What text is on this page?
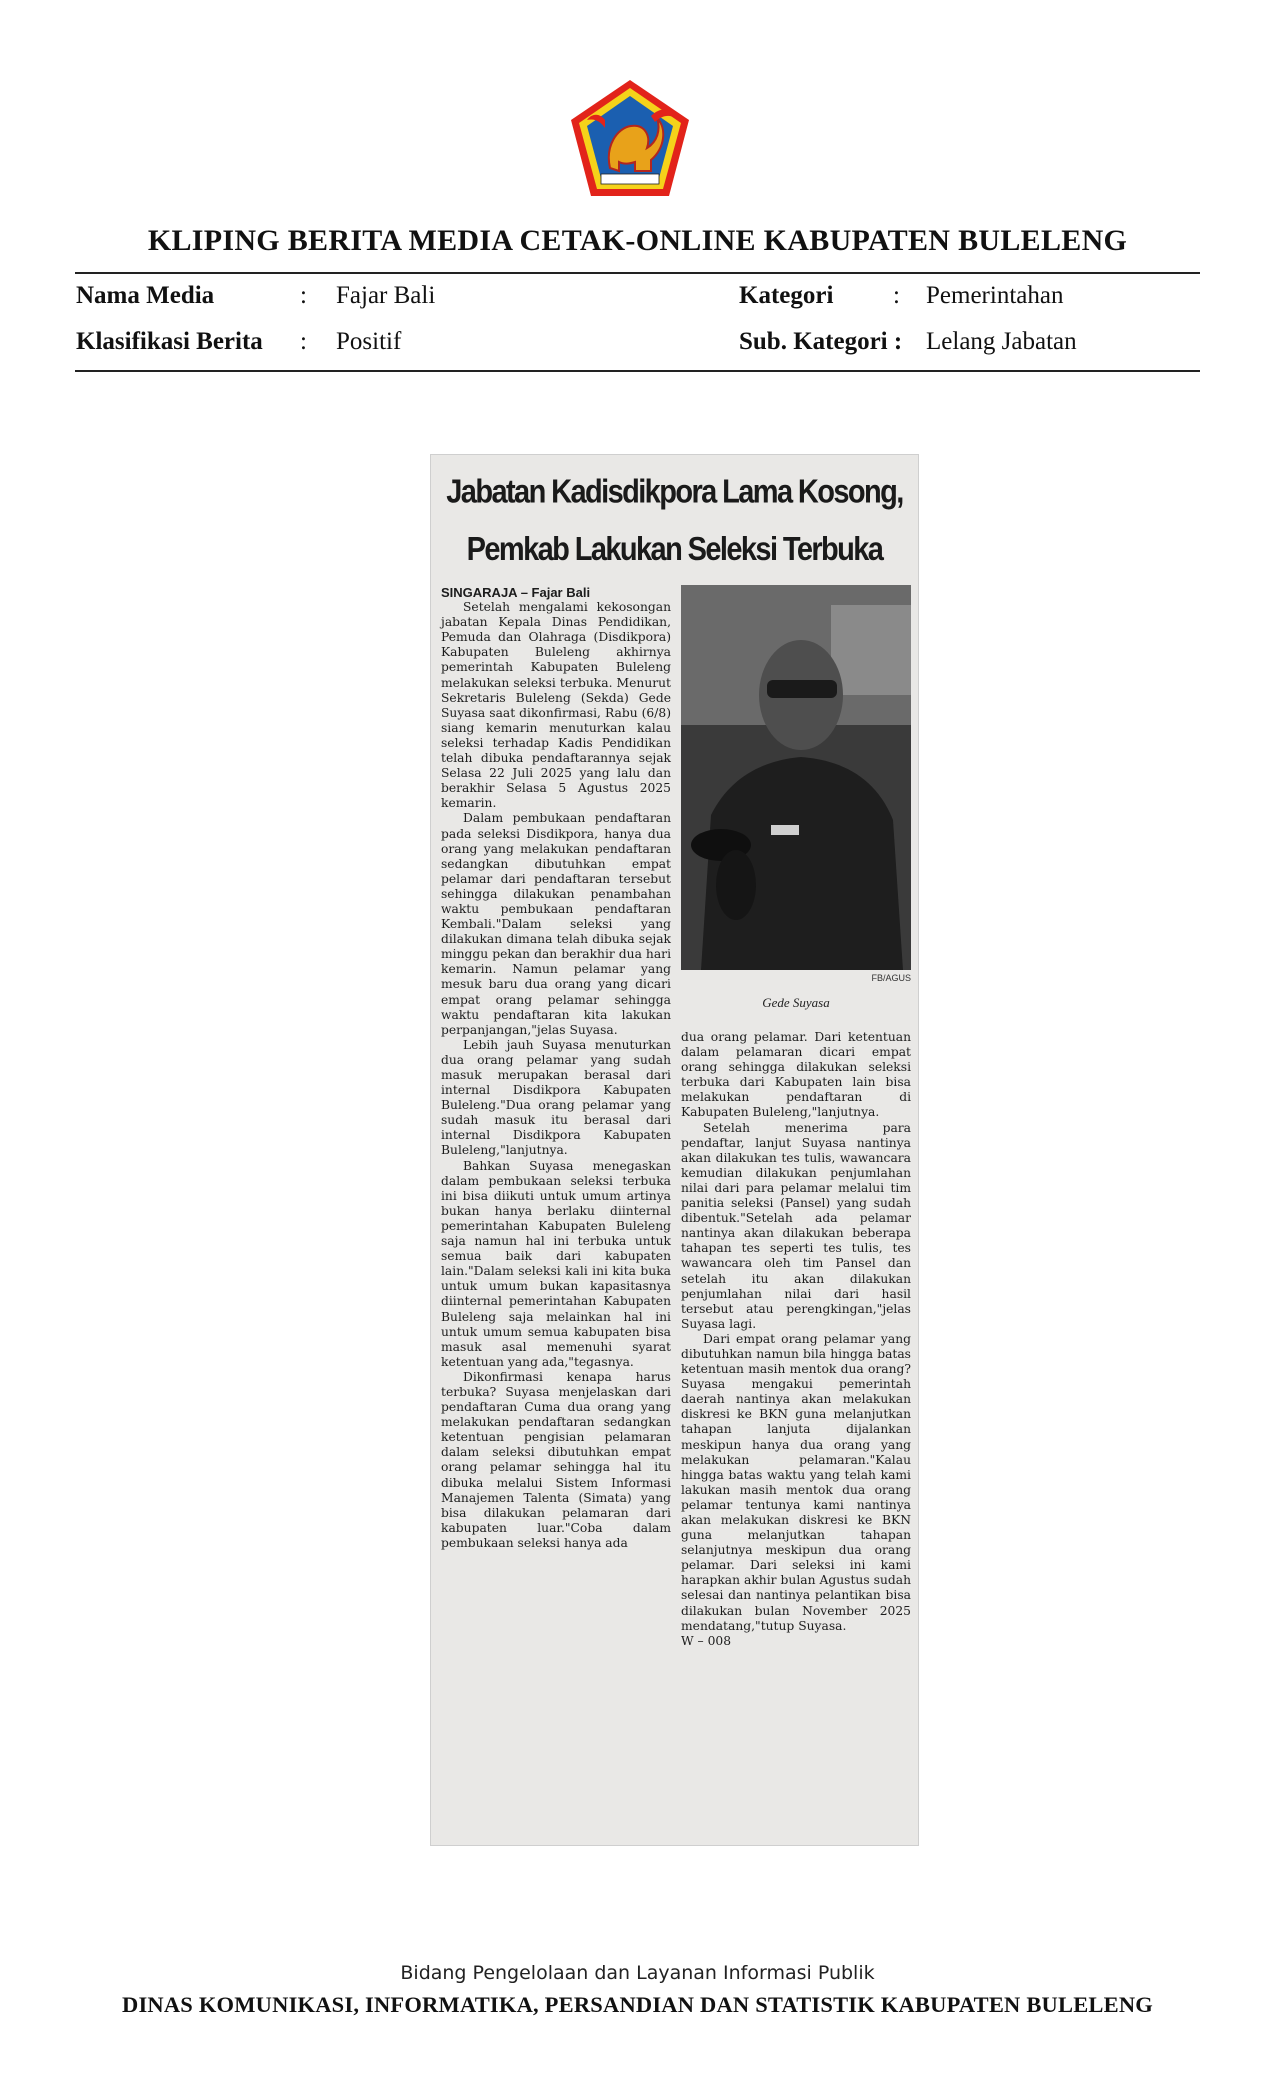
KLIPING BERITA MEDIA CETAK-ONLINE KABUPATEN BULELENG
Nama Media	: Fajar Bali	Kategori : Pemerintahan
Klasifikasi Berita : Positif	Sub. Kategori : Lelang Jabatan
Jabatan Kadisdikpora Lama Kosong,
Pemkab Lakukan Seleksi Terbuka
SINGARAJA – Fajar Bali

Setelah mengalami kekosongan jabatan Kepala Dinas Pendidikan, Pemuda dan Olahraga (Disdikpora) Kabupaten Buleleng akhirnya pemerintah Kabupaten Buleleng melakukan seleksi terbuka. Menurut Sekretaris Buleleng (Sekda) Gede Suyasa saat dikonfirmasi, Rabu (6/8) siang kemarin menuturkan kalau seleksi terhadap Kadis Pendidikan telah dibuka pendaftarannya sejak Selasa 22 Juli 2025 yang lalu dan berakhir Selasa 5 Agustus 2025 kemarin.

Dalam pembukaan pendaftaran pada seleksi Disdikpora, hanya dua orang yang melakukan pendaftaran sedangkan dibutuhkan empat pelamar dari pendaftaran tersebut sehingga dilakukan penambahan waktu pembukaan pendaftaran Kembali."Dalam seleksi yang dilakukan dimana telah dibuka sejak minggu pekan dan berakhir dua hari kemarin. Namun pelamar yang mesuk baru dua orang yang dicari empat orang pelamar sehingga waktu pendaftaran kita lakukan perpanjangan,"jelas Suyasa.

Lebih jauh Suyasa menuturkan dua orang pelamar yang sudah masuk merupakan berasal dari internal Disdikpora Kabupaten Buleleng."Dua orang pelamar yang sudah masuk itu berasal dari internal Disdikpora Kabupaten Buleleng,"lanjutnya.

Bahkan Suyasa menegaskan dalam pembukaan seleksi terbuka ini bisa diikuti untuk umum artinya bukan hanya berlaku diinternal pemerintahan Kabupaten Buleleng saja namun hal ini terbuka untuk semua baik dari kabupaten lain."Dalam seleksi kali ini kita buka untuk umum bukan kapasitasnya diinternal pemerintahan Kabupaten Buleleng saja melainkan hal ini untuk umum semua kabupaten bisa masuk asal memenuhi syarat ketentuan yang ada,"tegasnya.

Dikonfirmasi kenapa harus terbuka? Suyasa menjelaskan dari pendaftaran Cuma dua orang yang melakukan pendaftaran sedangkan ketentuan pengisian pelamaran dalam seleksi dibutuhkan empat orang pelamar sehingga hal itu dibuka melalui Sistem Informasi Manajemen Talenta (Simata) yang bisa dilakukan pelamaran dari kabupaten luar."Coba dalam pembukaan seleksi hanya ada

FB/AGUS
Gede Suyasa

dua orang pelamar. Dari ketentuan dalam pelamaran dicari empat orang sehingga dilakukan seleksi terbuka dari Kabupaten lain bisa melakukan pendaftaran di Kabupaten Buleleng,"lanjutnya.

Setelah menerima para pendaftar, lanjut Suyasa nantinya akan dilakukan tes tulis, wawancara kemudian dilakukan penjumlahan nilai dari para pelamar melalui tim panitia seleksi (Pansel) yang sudah dibentuk."Setelah ada pelamar nantinya akan dilakukan beberapa tahapan tes seperti tes tulis, tes wawancara oleh tim Pansel dan setelah itu akan dilakukan penjumlahan nilai dari hasil tersebut atau perengkingan,"jelas Suyasa lagi.

Dari empat orang pelamar yang dibutuhkan namun bila hingga batas ketentuan masih mentok dua orang? Suyasa mengakui pemerintah daerah nantinya akan melakukan diskresi ke BKN guna melanjutkan tahapan lanjuta dijalankan meskipun hanya dua orang yang melakukan pelamaran."Kalau hingga batas waktu yang telah kami lakukan masih mentok dua orang pelamar tentunya kami nantinya akan melakukan diskresi ke BKN guna melanjutkan tahapan selanjutnya meskipun dua orang pelamar. Dari seleksi ini kami harapkan akhir bulan Agustus sudah selesai dan nantinya pelantikan bisa dilakukan bulan November 2025 mendatang,"tutup Suyasa.

W – 008

Bidang Pengelolaan dan Layanan Informasi Publik
DINAS KOMUNIKASI, INFORMATIKA, PERSANDIAN DAN STATISTIK KABUPATEN BULELENG
